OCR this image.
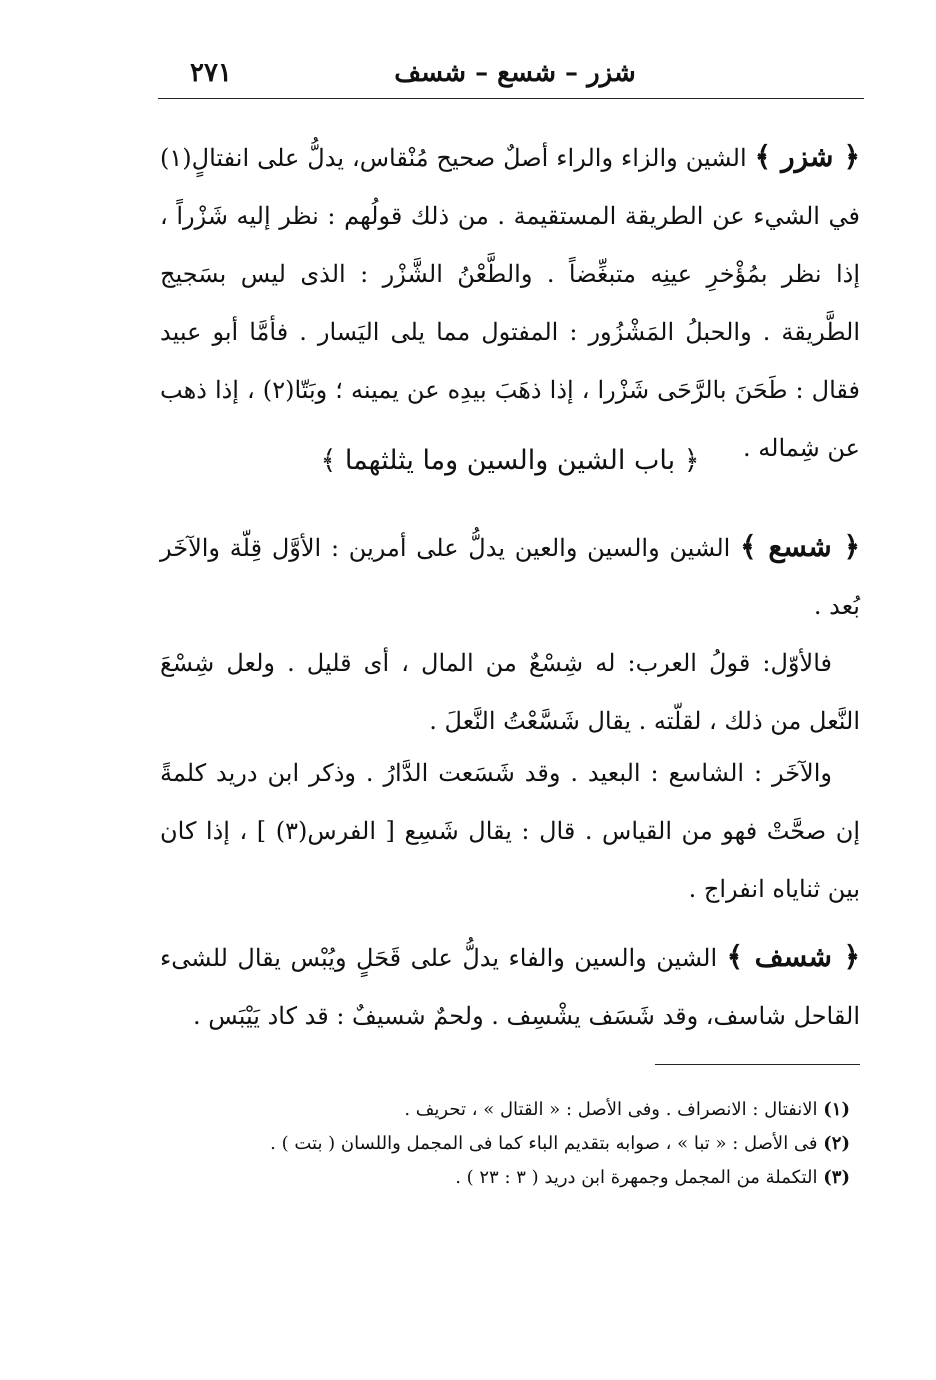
شزر – شسع – شسف
٢٧١
﴿ شزر ﴾ الشين والزاء والراء أصلٌ صحيح مُنْقاس، يدلُّ على انفتالٍ(١) في الشيء عن الطريقة المستقيمة . من ذلك قولُهم : نظر إليه شَزْراً ، إذا نظر بمُؤْخرِ عينِه متبغِّضاً . والطَّعْنُ الشَّزْر : الذى ليس بسَجيج الطَّريقة . والحبلُ المَشْزُور : المفتول مما يلى اليَسار . فأمَّا أبو عبيد فقال : طَحَنَ بالرَّحَى شَزْرا ، إذا ذهَبَ بيدِه عن يمينه ؛ وبَتّا(٢) ، إذا ذهب عن شِماله .
﴿ باب الشين والسين وما يثلثهما ﴾
﴿ شسع ﴾ الشين والسين والعين يدلُّ على أمرين : الأوَّل قِلّة والآخَر بُعد .
فالأوّل: قولُ العرب: له شِسْعٌ من المال ، أى قليل . ولعل شِسْعَ النَّعل من ذلك ، لقلّته . يقال شَسَّعْتُ النَّعلَ .
والآخَر : الشاسع : البعيد . وقد شَسَعت الدَّارُ . وذكر ابن دريد كلمةً إن صحَّتْ فهو من القياس . قال : يقال شَسِع [ الفرس(٣) ] ، إذا كان بين ثناياه انفراج .
﴿ شسف ﴾ الشين والسين والفاء يدلُّ على قَحَلٍ ويُبْس يقال للشىء القاحل شاسف، وقد شَسَف يشْسِف . ولحمٌ شسيفٌ : قد كاد يَيْبَس .
(١) الانفتال : الانصراف . وفى الأصل : « القتال » ، تحريف .
(٢) فى الأصل : « تبا » ، صوابه بتقديم الباء كما فى المجمل واللسان ( بتت ) .
(٣) التكملة من المجمل وجمهرة ابن دريد ( ٣ : ٢٣ ) .
